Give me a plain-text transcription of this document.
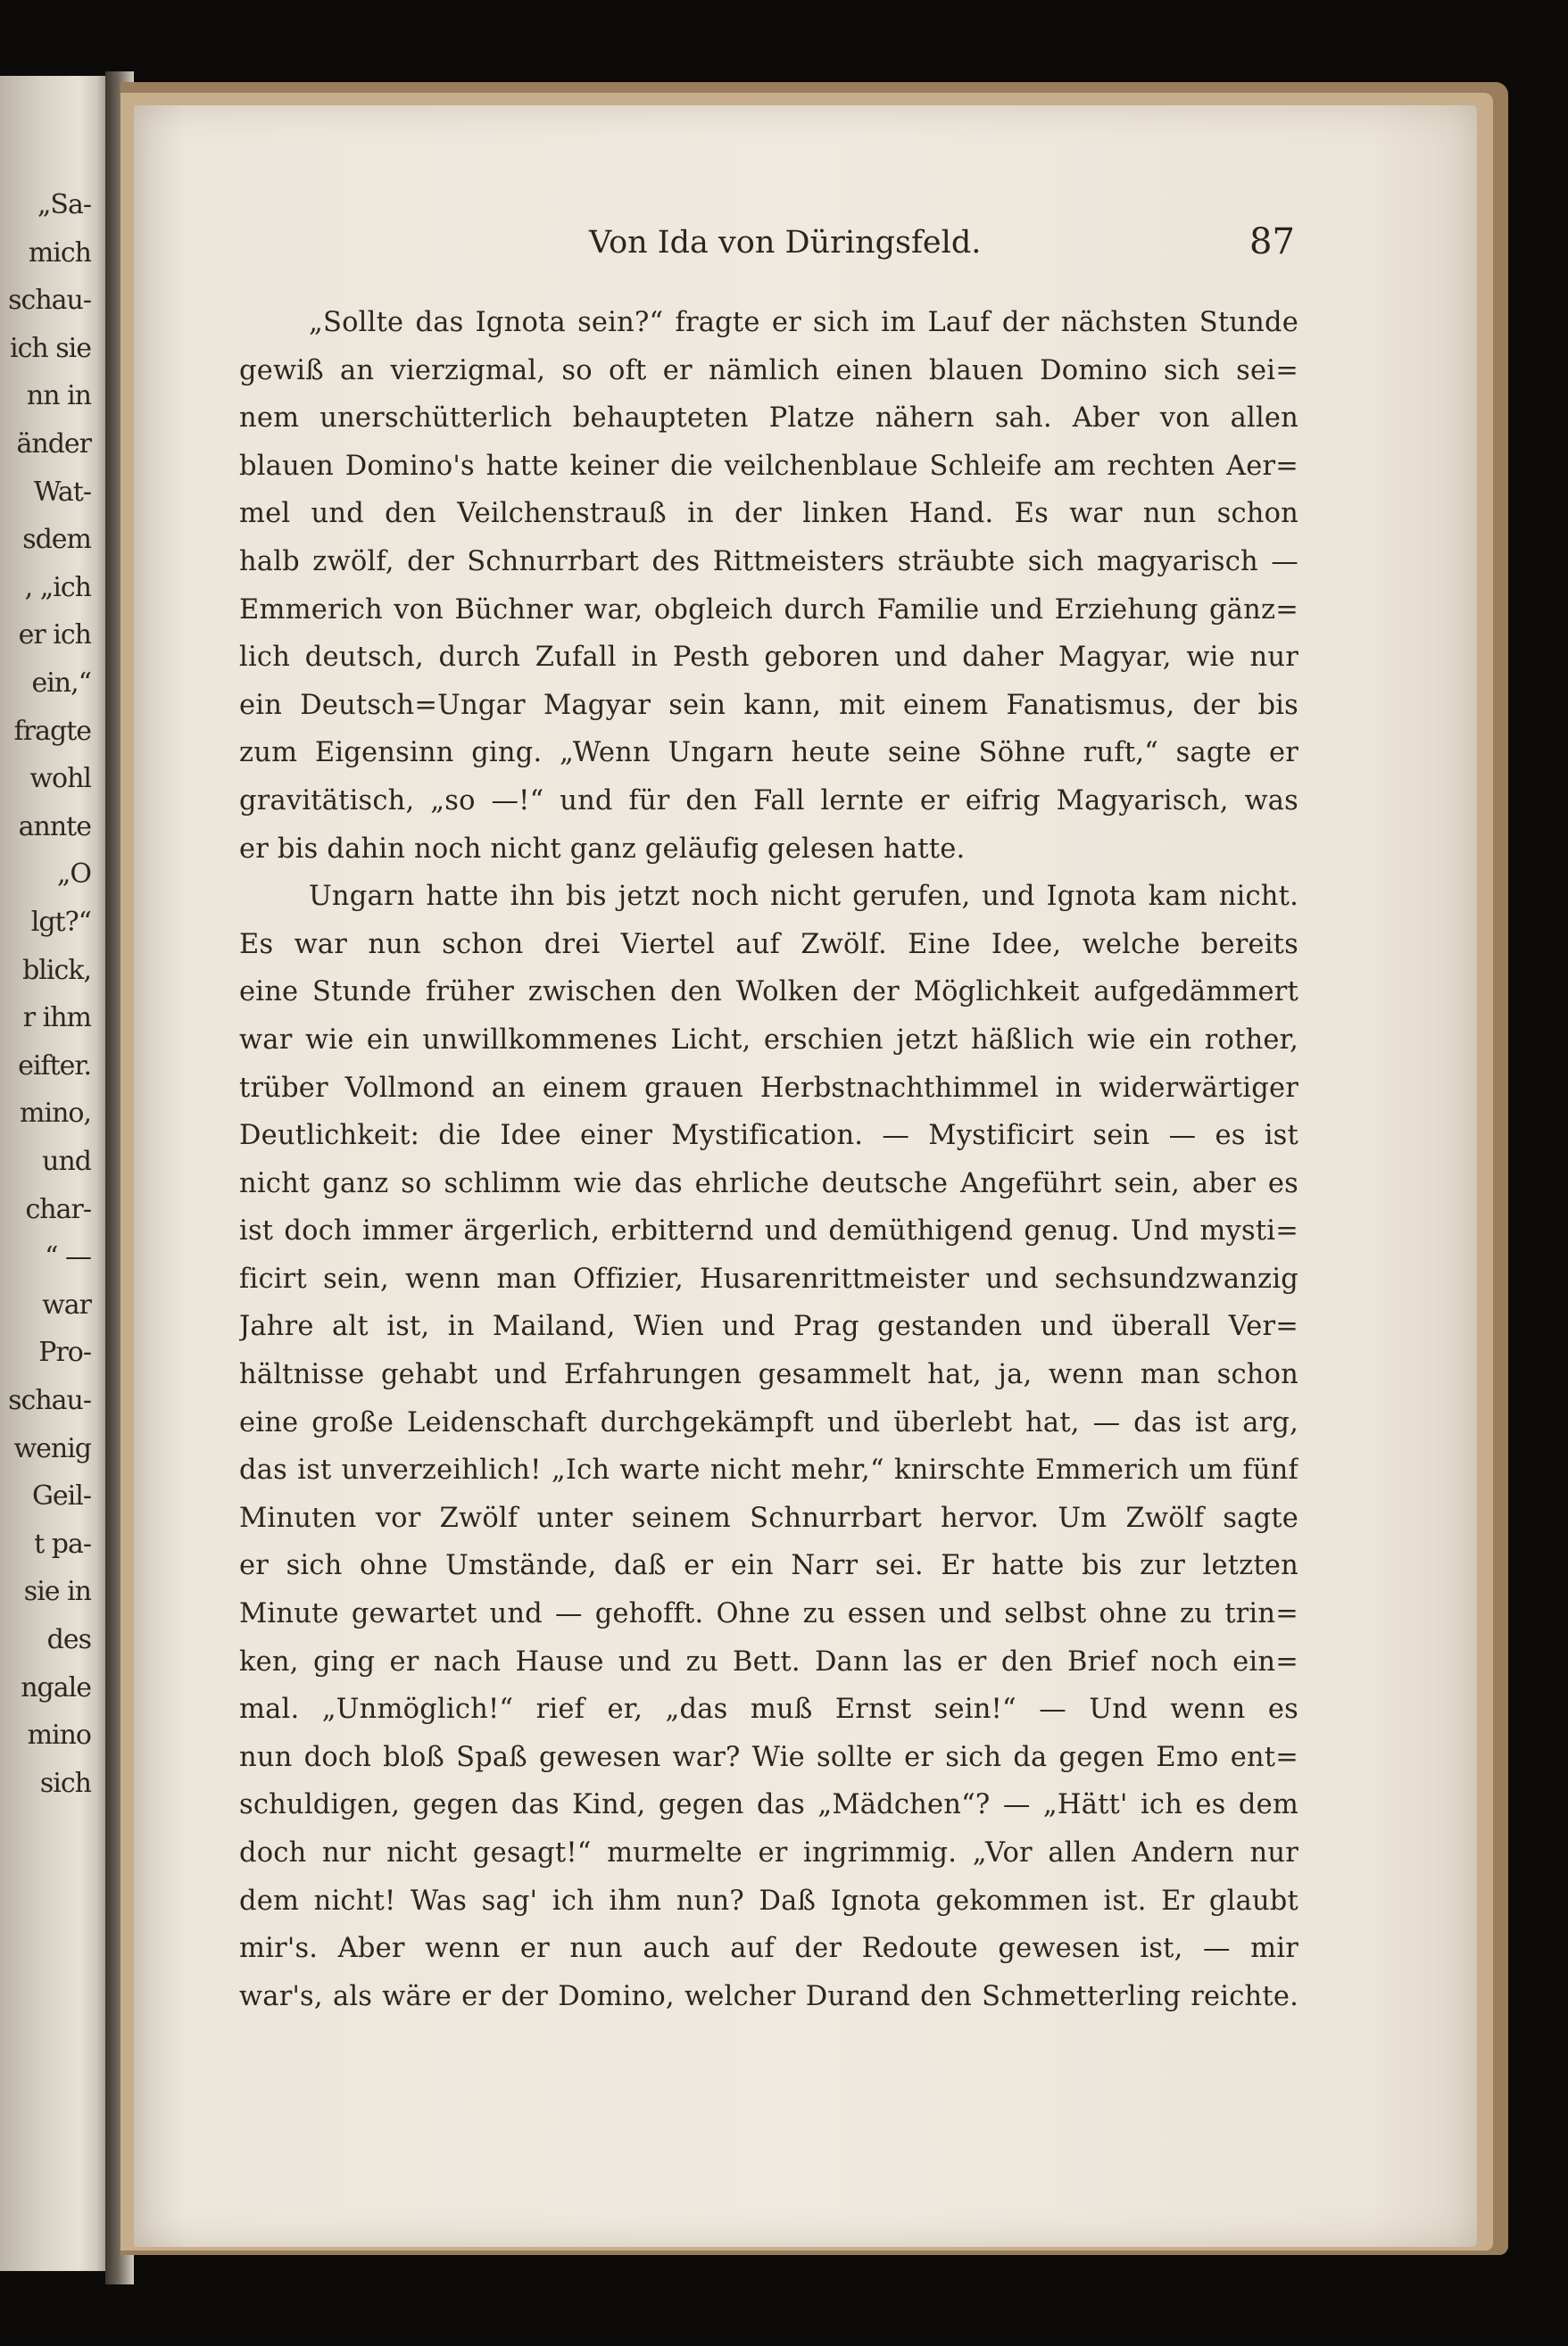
„Sa-
mich
schau-
ich sie
nn in
änder
Wat-
sdem
, „ich
er ich
ein,“
fragte
wohl
annte
„O
lgt?“
blick,
r ihm
eifter.
mino,
und
char-
“ —
war
Pro-
schau-
wenig
Geil-
t pa-
sie in
des
ngale
mino
sich
Von Ida von Düringsfeld.	87
„Sollte das Ignota sein?“ fragte er sich im Lauf der nächsten Stunde
gewiß an vierzigmal, so oft er nämlich einen blauen Domino sich sei=
nem unerschütterlich behaupteten Platze nähern sah. Aber von allen
blauen Domino's hatte keiner die veilchenblaue Schleife am rechten Aer=
mel und den Veilchenstrauß in der linken Hand. Es war nun schon
halb zwölf, der Schnurrbart des Rittmeisters sträubte sich magyarisch —
Emmerich von Büchner war, obgleich durch Familie und Erziehung gänz=
lich deutsch, durch Zufall in Pesth geboren und daher Magyar, wie nur
ein Deutsch=Ungar Magyar sein kann, mit einem Fanatismus, der bis
zum Eigensinn ging. „Wenn Ungarn heute seine Söhne ruft,“ sagte er
gravitätisch, „so —!“ und für den Fall lernte er eifrig Magyarisch, was
er bis dahin noch nicht ganz geläufig gelesen hatte.
Ungarn hatte ihn bis jetzt noch nicht gerufen, und Ignota kam nicht.
Es war nun schon drei Viertel auf Zwölf. Eine Idee, welche bereits
eine Stunde früher zwischen den Wolken der Möglichkeit aufgedämmert
war wie ein unwillkommenes Licht, erschien jetzt häßlich wie ein rother,
trüber Vollmond an einem grauen Herbstnachthimmel in widerwärtiger
Deutlichkeit: die Idee einer Mystification. — Mystificirt sein — es ist
nicht ganz so schlimm wie das ehrliche deutsche Angeführt sein, aber es
ist doch immer ärgerlich, erbitternd und demüthigend genug. Und mysti=
ficirt sein, wenn man Offizier, Husarenrittmeister und sechsundzwanzig
Jahre alt ist, in Mailand, Wien und Prag gestanden und überall Ver=
hältnisse gehabt und Erfahrungen gesammelt hat, ja, wenn man schon
eine große Leidenschaft durchgekämpft und überlebt hat, — das ist arg,
das ist unverzeihlich! „Ich warte nicht mehr,“ knirschte Emmerich um fünf
Minuten vor Zwölf unter seinem Schnurrbart hervor. Um Zwölf sagte
er sich ohne Umstände, daß er ein Narr sei. Er hatte bis zur letzten
Minute gewartet und — gehofft. Ohne zu essen und selbst ohne zu trin=
ken, ging er nach Hause und zu Bett. Dann las er den Brief noch ein=
mal. „Unmöglich!“ rief er, „das muß Ernst sein!“ — Und wenn es
nun doch bloß Spaß gewesen war? Wie sollte er sich da gegen Emo ent=
schuldigen, gegen das Kind, gegen das „Mädchen“? — „Hätt' ich es dem
doch nur nicht gesagt!“ murmelte er ingrimmig. „Vor allen Andern nur
dem nicht! Was sag' ich ihm nun? Daß Ignota gekommen ist. Er glaubt
mir's. Aber wenn er nun auch auf der Redoute gewesen ist, — mir
war's, als wäre er der Domino, welcher Durand den Schmetterling reichte.
